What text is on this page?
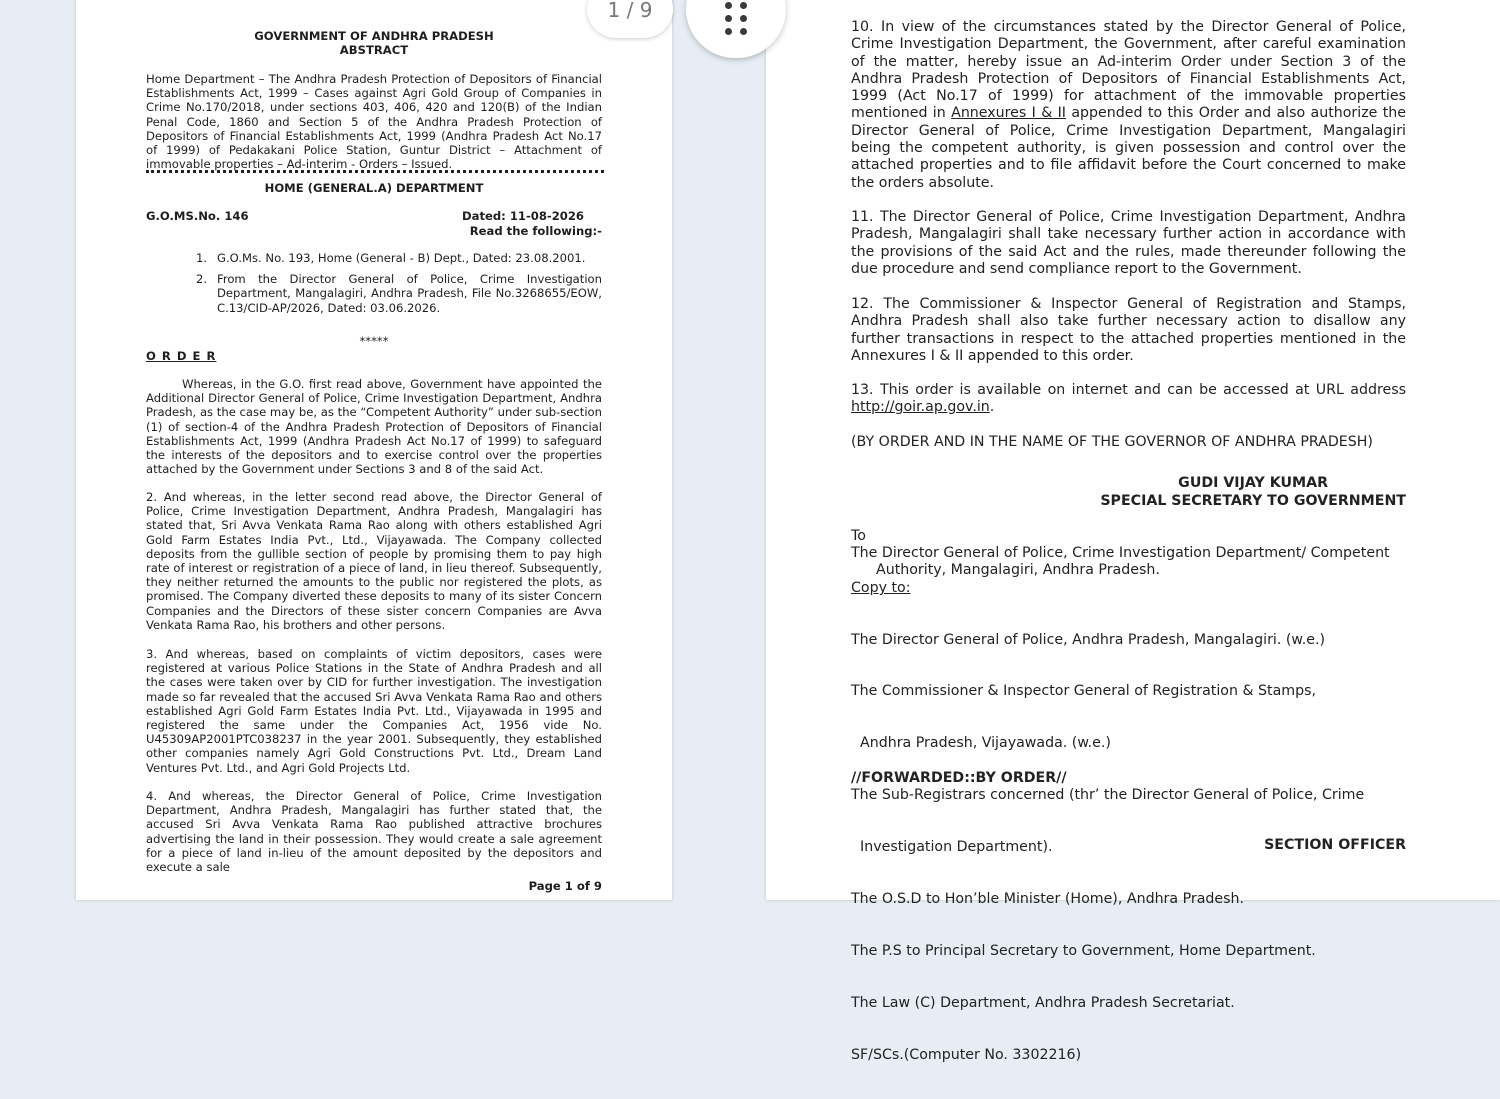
GOVERNMENT OF ANDHRA PRADESH

ABSTRACT

Home Department – The Andhra Pradesh Protection of Depositors of Financial Establishments Act, 1999 – Cases against Agri Gold Group of Companies in Crime No.170/2018, under sections 403, 406, 420 and 120(B) of the Indian Penal Code, 1860 and Section 5 of the Andhra Pradesh Protection of Depositors of Financial Establishments Act, 1999 (Andhra Pradesh Act No.17 of 1999) of Pedakakani Police Station, Guntur District – Attachment of immovable properties – Ad-interim - Orders – Issued.

HOME (GENERAL.A) DEPARTMENT
G.O.MS.No. 146	Dated: 11-08-2026
Read the following:-
1. G.O.Ms. No. 193, Home (General - B) Dept., Dated: 23.08.2001.
2. From the Director General of Police, Crime Investigation Department, Mangalagiri, Andhra Pradesh, File No.3268655/EOW, C.13/CID-AP/2026, Dated: 03.06.2026.
*****
O R D E R
Whereas, in the G.O. first read above, Government have appointed the Additional Director General of Police, Crime Investigation Department, Andhra Pradesh, as the case may be, as the “Competent Authority” under sub-section (1) of section-4 of the Andhra Pradesh Protection of Depositors of Financial Establishments Act, 1999 (Andhra Pradesh Act No.17 of 1999) to safeguard the interests of the depositors and to exercise control over the properties attached by the Government under Sections 3 and 8 of the said Act.
2. And whereas, in the letter second read above, the Director General of Police, Crime Investigation Department, Andhra Pradesh, Mangalagiri has stated that, Sri Avva Venkata Rama Rao along with others established Agri Gold Farm Estates India Pvt., Ltd., Vijayawada. The Company collected deposits from the gullible section of people by promising them to pay high rate of interest or registration of a piece of land, in lieu thereof. Subsequently, they neither returned the amounts to the public nor registered the plots, as promised. The Company diverted these deposits to many of its sister Concern Companies and the Directors of these sister concern Companies are Avva Venkata Rama Rao, his brothers and other persons.
3. And whereas, based on complaints of victim depositors, cases were registered at various Police Stations in the State of Andhra Pradesh and all the cases were taken over by CID for further investigation. The investigation made so far revealed that the accused Sri Avva Venkata Rama Rao and others established Agri Gold Farm Estates India Pvt. Ltd., Vijayawada in 1995 and registered the same under the Companies Act, 1956 vide No. U45309AP2001PTC038237 in the year 2001. Subsequently, they established other companies namely Agri Gold Constructions Pvt. Ltd., Dream Land Ventures Pvt. Ltd., and Agri Gold Projects Ltd.
4. And whereas, the Director General of Police, Crime Investigation Department, Andhra Pradesh, Mangalagiri has further stated that, the accused Sri Avva Venkata Rama Rao published attractive brochures advertising the land in their possession. They would create a sale agreement for a piece of land in-lieu of the amount deposited by the depositors and execute a sale
Page 1 of 9

10. In view of the circumstances stated by the Director General of Police, Crime Investigation Department, the Government, after careful examination of the matter, hereby issue an Ad-interim Order under Section 3 of the Andhra Pradesh Protection of Depositors of Financial Establishments Act, 1999 (Act No.17 of 1999) for attachment of the immovable properties mentioned in Annexures I & II appended to this Order and also authorize the Director General of Police, Crime Investigation Department, Mangalagiri being the competent authority, is given possession and control over the attached properties and to file affidavit before the Court concerned to make the orders absolute.

11. The Director General of Police, Crime Investigation Department, Andhra Pradesh, Mangalagiri shall take necessary further action in accordance with the provisions of the said Act and the rules, made thereunder following the due procedure and send compliance report to the Government.
12. The Commissioner & Inspector General of Registration and Stamps, Andhra Pradesh shall also take further necessary action to disallow any further transactions in respect to the attached properties mentioned in the Annexures I & II appended to this order.

13. This order is available on internet and can be accessed at URL address http://goir.ap.gov.in.

(BY ORDER AND IN THE NAME OF THE GOVERNOR OF ANDHRA PRADESH)
GUDI VIJAY KUMAR
SPECIAL SECRETARY TO GOVERNMENT
To
The Director General of Police, Crime Investigation Department/ Competent
Authority, Mangalagiri, Andhra Pradesh.
Copy to:

The Director General of Police, Andhra Pradesh, Mangalagiri. (w.e.)

The Commissioner & Inspector General of Registration & Stamps,

Andhra Pradesh, Vijayawada. (w.e.)

The Sub-Registrars concerned (thr’ the Director General of Police, Crime

Investigation Department).

The O.S.D to Hon’ble Minister (Home), Andhra Pradesh.

The P.S to Principal Secretary to Government, Home Department.

The Law (C) Department, Andhra Pradesh Secretariat.

SF/SCs.(Computer No. 3302216)

//FORWARDED::BY ORDER//
SECTION OFFICER
1 / 9
